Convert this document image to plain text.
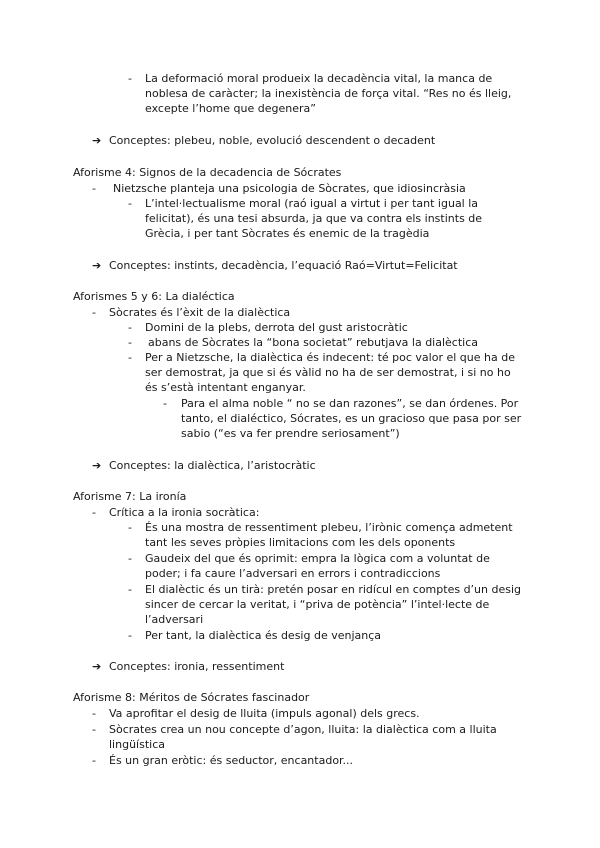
- La deformació moral produeix la decadència vital, la manca de
noblesa de caràcter; la inexistència de força vital. “Res no és lleig,
excepte l’home que degenera”
➔ Conceptes: plebeu, noble, evolució descendent o decadent
Aforisme 4: Signos de la decadencia de Sócrates
- Nietzsche planteja una psicologia de Sòcrates, que idiosincràsia
- L’intel·lectualisme moral (raó igual a virtut i per tant igual la
felicitat), és una tesi absurda, ja que va contra els instints de
Grècia, i per tant Sòcrates és enemic de la tragèdia
➔ Conceptes: instints, decadència, l’equació Raó=Virtut=Felicitat
Aforismes 5 y 6: La dialéctica
- Sòcrates és l’èxit de la dialèctica
- Domini de la plebs, derrota del gust aristocràtic
- abans de Sòcrates la “bona societat” rebutjava la dialèctica
- Per a Nietzsche, la dialèctica és indecent: té poc valor el que ha de
ser demostrat, ja que si és vàlid no ha de ser demostrat, i si no ho
és s’està intentant enganyar.
- Para el alma noble “ no se dan razones”, se dan órdenes. Por
tanto, el dialéctico, Sócrates, es un gracioso que pasa por ser
sabio (“es va fer prendre seriosament”)
➔ Conceptes: la dialèctica, l’aristocràtic
Aforisme 7: La ironía
- Crítica a la ironia socràtica:
- És una mostra de ressentiment plebeu, l’irònic comença admetent
tant les seves pròpies limitacions com les dels oponents
- Gaudeix del que és oprimit: empra la lògica com a voluntat de
poder; i fa caure l’adversari en errors i contradiccions
- El dialèctic és un tirà: pretén posar en ridícul en comptes d’un desig
sincer de cercar la veritat, i “priva de potència” l’intel·lecte de
l’adversari
- Per tant, la dialèctica és desig de venjança
➔ Conceptes: ironia, ressentiment
Aforisme 8: Méritos de Sócrates fascinador
- Va aprofitar el desig de lluita (impuls agonal) dels grecs.
- Sòcrates crea un nou concepte d’agon, lluita: la dialèctica com a lluita
lingüística
- És un gran eròtic: és seductor, encantador...
